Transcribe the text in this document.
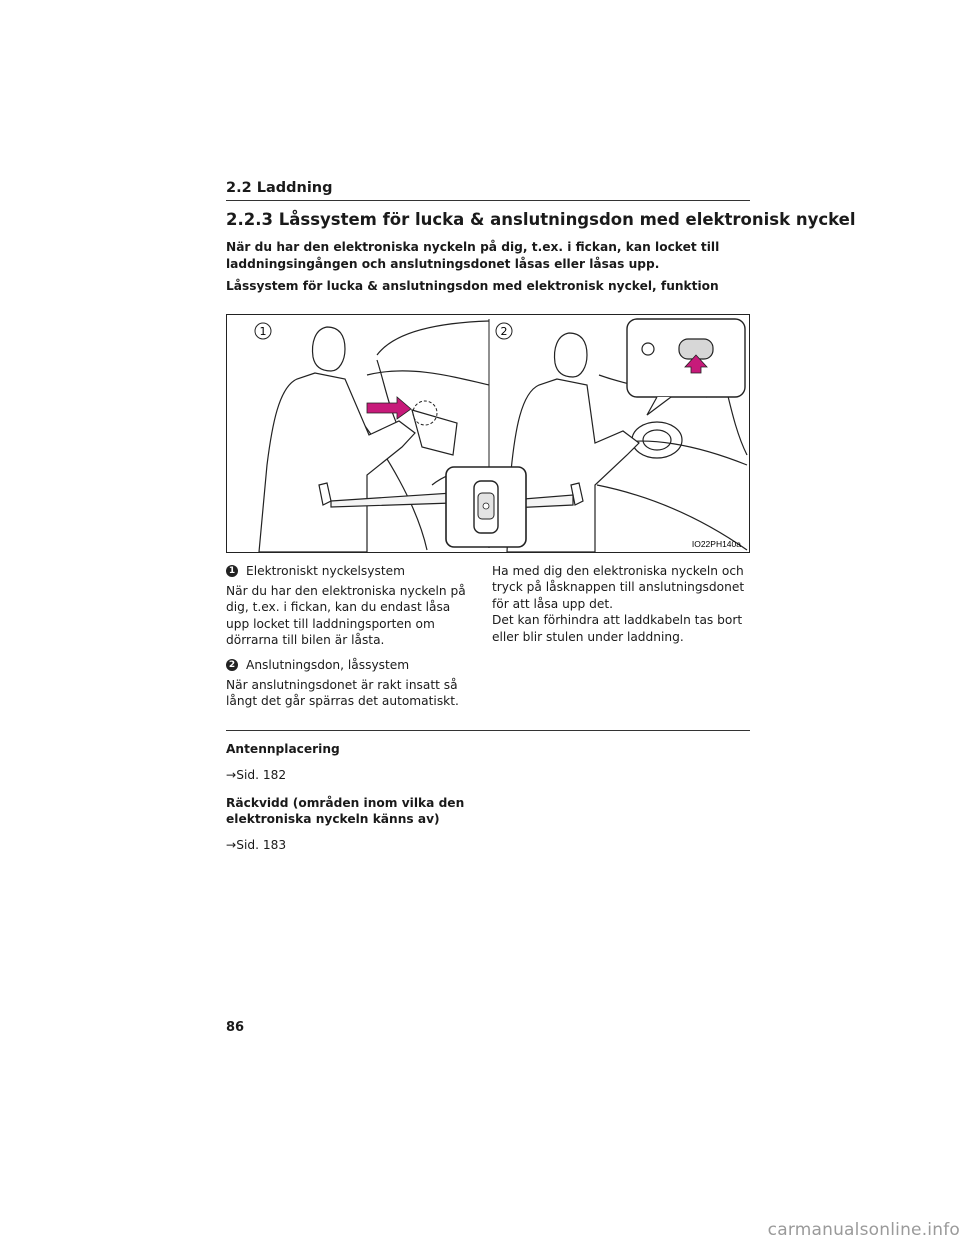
2.2 Laddning
2.2.3 Låssystem för lucka & anslutningsdon med elektronisk nyckel

När du har den elektroniska nyckeln på dig, t.ex. i fickan, kan locket till laddningsingången och anslutningsdonet låsas eller låsas upp.

Låssystem för lucka & anslutningsdon med elektronisk nyckel, funktion

1	2
IO22PH140a
1 Elektroniskt nyckelsystem

När du har den elektroniska nyckeln på dig, t.ex. i fickan, kan du endast låsa upp locket till laddningsporten om dörrarna till bilen är låsta.

2 Anslutningsdon, låssystem

När anslutningsdonet är rakt insatt så långt det går spärras det automatiskt.

Ha med dig den elektroniska nyckeln och tryck på låsknappen till anslutningsdonet för att låsa upp det.

Det kan förhindra att laddkabeln tas bort eller blir stulen under laddning.

Antennplacering

→Sid. 182

Räckvidd (områden inom vilka den elektroniska nyckeln känns av)

→Sid. 183

86
carmanualsonline.info
